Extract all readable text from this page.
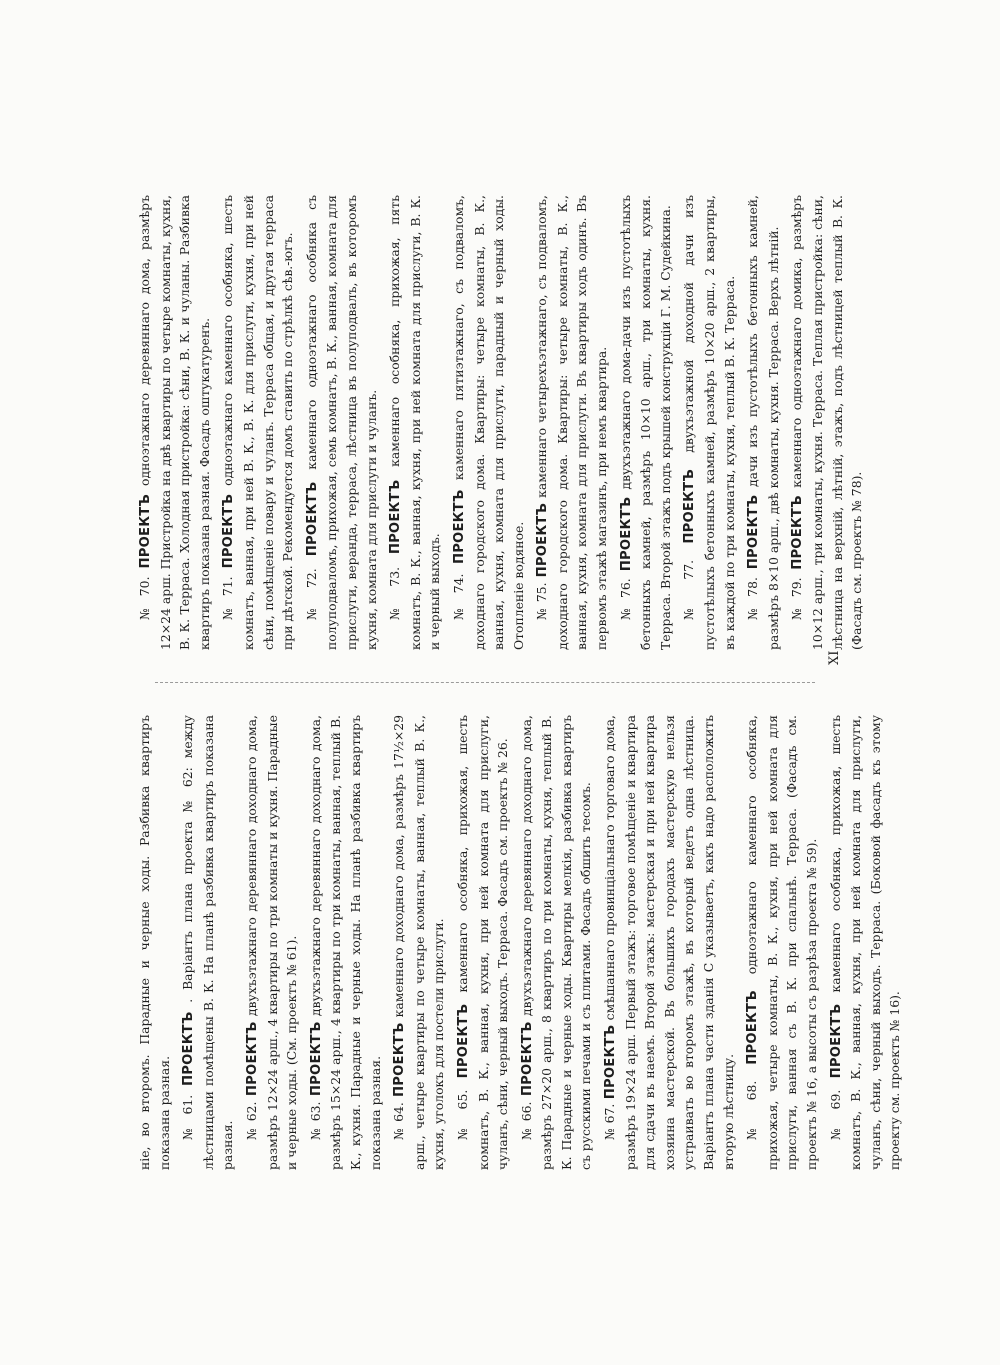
ніе, во второмъ. Парадные и черные ходы. Разбивка квартиръ показана разная. № 61. ПРОЕКТЪ . Варіантъ плана проекта № 62: между лѣстницами помѣщены В. К. На планѣ разбивка квартиръ показана разная. № 62. ПРОЕКТЪ двухъэтажнаго деревяннаго доходнаго дома, размѣръ 12×24 арш., 4 квартиры по три комнаты и кухня. Парадные и черные ходы. (См. проектъ № 61). № 63. ПРОЕКТЪ двухъэтажнаго деревяннаго доходнаго дома, размѣръ 15×24 арш., 4 квартиры по три комнаты, ванная, теплый В. К., кухня. Парадные и черные ходы. На планѣ разбивка квартиръ показана разная. № 64. ПРОЕКТЪ каменнаго доходнаго дома, размѣръ 17½×29 арш., четыре квартиры по четыре комнаты, ванная, теплый В. К., кухня, уголокъ для постели прислуги. № 65. ПРОЕКТЪ каменнаго особняка, прихожая, шесть комнатъ, В. К., ванная, кухня, при ней комната для прислуги, чуланъ, сѣни, черный выходъ. Терраса. Фасадъ см. проектъ № 26. № 66. ПРОЕКТЪ двухъэтажнаго деревяннаго доходнаго дома, размѣръ 27×20 арш., 8 квартиръ по три комнаты, кухня, теплый В. К. Парадные и черные ходы. Квартиры мелкія, разбивка квартиръ съ русскими печами и съ плитами. Фасадъ обшить тесомъ. № 67. ПРОЕКТЪ смѣшаннаго провинціальнаго торговаго дома, размѣръ 19×24 арш. Первый этажъ: торговое помѣщеніе и квартира для сдачи въ наемъ. Второй этажъ: мастерская и при ней квартира хозяина мастерской. Въ большихъ городахъ мастерскую нельзя устраивать во второмъ этажѣ, въ который ведетъ одна лѣстница. Варіантъ плана части зданія С указываетъ, какъ надо расположить вторую лѣстницу. № 68. ПРОЕКТЪ одноэтажнаго каменнаго особняка, прихожая, четыре комнаты, В. К., кухня, при ней комната для прислуги, ванная съ В. К. при спальнѣ. Терраса. (Фасадъ см. проектъ № 16, а высоты съ разрѣза проекта № 59). № 69. ПРОЕКТЪ каменнаго особняка, прихожая, шесть комнатъ, В. К., ванная, кухня, при ней комната для прислуги, чуланъ, сѣни, черный выходъ. Терраса. (Боковой фасадъ къ этому проекту см. проектъ № 16).

№ 70. ПРОЕКТЪ одноэтажнаго деревяннаго дома, размѣръ 12×24 арш. Пристройка на двѣ квартиры по четыре комнаты, кухня, В. К. Терраса. Холодная пристройка: сѣни, В. К. и чуланы. Разбивка квартиръ показана разная. Фасадъ оштукатуренъ. № 71. ПРОЕКТЪ одноэтажнаго каменнаго особняка, шесть комнатъ, ванная, при ней В. К., В. К. для прислуги, кухня, при ней сѣни, помѣщеніе повару и чуланъ. Терраса общая, и другая терраса при дѣтской. Рекомендуется домъ ставить по стрѣлкѣ сѣв.-югъ. № 72. ПРОЕКТЪ каменнаго одноэтажнаго особняка съ полуподваломъ, прихожая, семь комнатъ, В. К., ванная, комната для прислуги, веранда, терраса, лѣстница въ полуподвалъ, въ которомъ кухня, комната для прислуги и чуланъ. № 73. ПРОЕКТЪ каменнаго особняка, прихожая, пять комнатъ, В. К., ванная, кухня, при ней комната для прислуги, В. К. и черный выходъ. № 74. ПРОЕКТЪ каменнаго пятиэтажнаго, съ подваломъ, доходнаго городского дома. Квартиры: четыре комнаты, В. К., ванная, кухня, комната для прислуги, парадный и черный ходы. Отопленіе водяное. № 75. ПРОЕКТЪ каменнаго четырехъэтажнаго, съ подваломъ, доходнаго городского дома. Квартиры: четыре комнаты, В. К., ванная, кухня, комната для прислуги. Въ квартиры ходъ одинъ. Въ первомъ этажѣ магазинъ, при немъ квартира. № 76. ПРОЕКТЪ двухъэтажнаго дома-дачи изъ пустотѣлыхъ бетонныхъ камней, размѣръ 10×10 арш., три комнаты, кухня. Терраса. Второй этажъ подъ крышей конструкціи Г. М. Судейкина. № 77. ПРОЕКТЪ двухъэтажной доходной дачи изъ пустотѣлыхъ бетонныхъ камней, размѣръ 10×20 арш., 2 квартиры, въ каждой по три комнаты, кухня, теплый В. К. Терраса. № 78. ПРОЕКТЪ дачи изъ пустотѣлыхъ бетонныхъ камней, размѣръ 8×10 арш., двѣ комнаты, кухня. Терраса. Верхъ лѣтній. № 79. ПРОЕКТЪ каменнаго одноэтажнаго домика, размѣръ 10×12 арш., три комнаты, кухня. Терраса. Теплая пристройка: сѣни, лѣстница на верхній, лѣтній, этажъ, подъ лѣстницей теплый В. К. (Фасадъ см. проектъ № 78).

XI
